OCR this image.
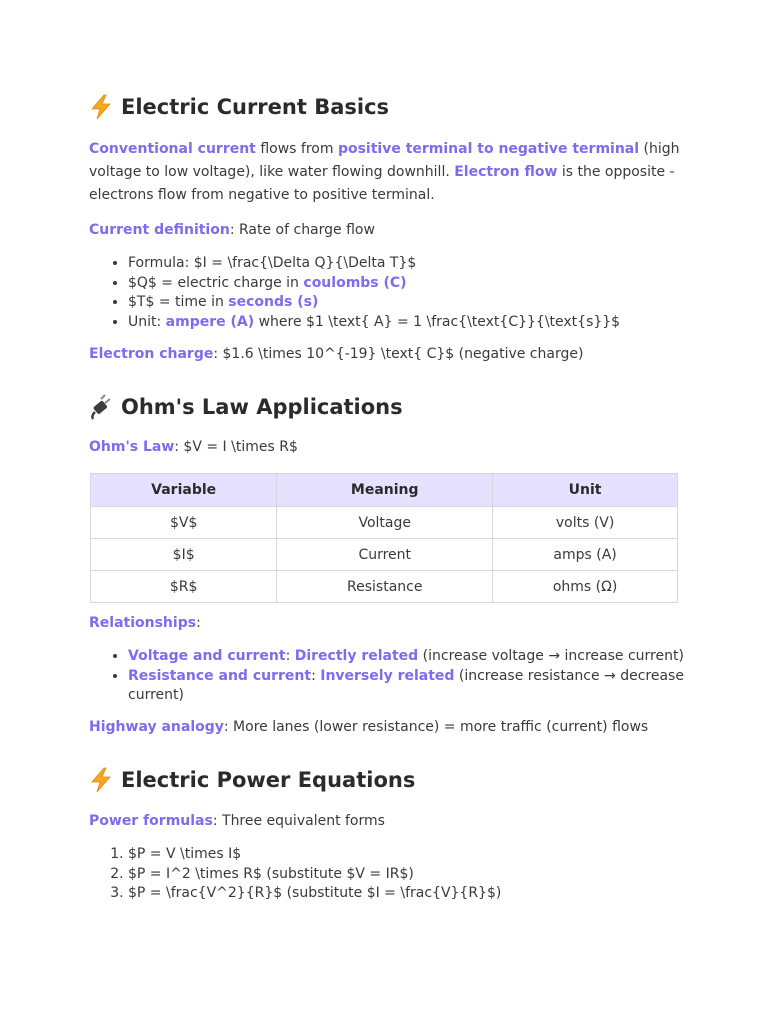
Electric Current Basics

Conventional current flows from positive terminal to negative terminal (high voltage to low voltage), like water flowing downhill. Electron flow is the opposite - electrons flow from negative to positive terminal.

Current definition: Rate of charge flow

• Formula: $I = \frac{\Delta Q}{\Delta T}$
• $Q$ = electric charge in coulombs (C)
• $T$ = time in seconds (s)
• Unit: ampere (A) where $1 \text{ A} = 1 \frac{\text{C}}{\text{s}}$

Electron charge: $1.6 \times 10^{-19} \text{ C}$ (negative charge)

Ohm's Law Applications

Ohm's Law: $V = I \times R$

Variable	Meaning	Unit
$V$	Voltage	volts (V)
$I$	Current	amps (A)
$R$	Resistance	ohms (Ω)

Relationships:

• Voltage and current: Directly related (increase voltage → increase current)
• Resistance and current: Inversely related (increase resistance → decrease current)

Highway analogy: More lanes (lower resistance) = more traffic (current) flows

Electric Power Equations

Power formulas: Three equivalent forms

1. $P = V \times I$
2. $P = I^2 \times R$ (substitute $V = IR$)
3. $P = \frac{V^2}{R}$ (substitute $I = \frac{V}{R}$)
